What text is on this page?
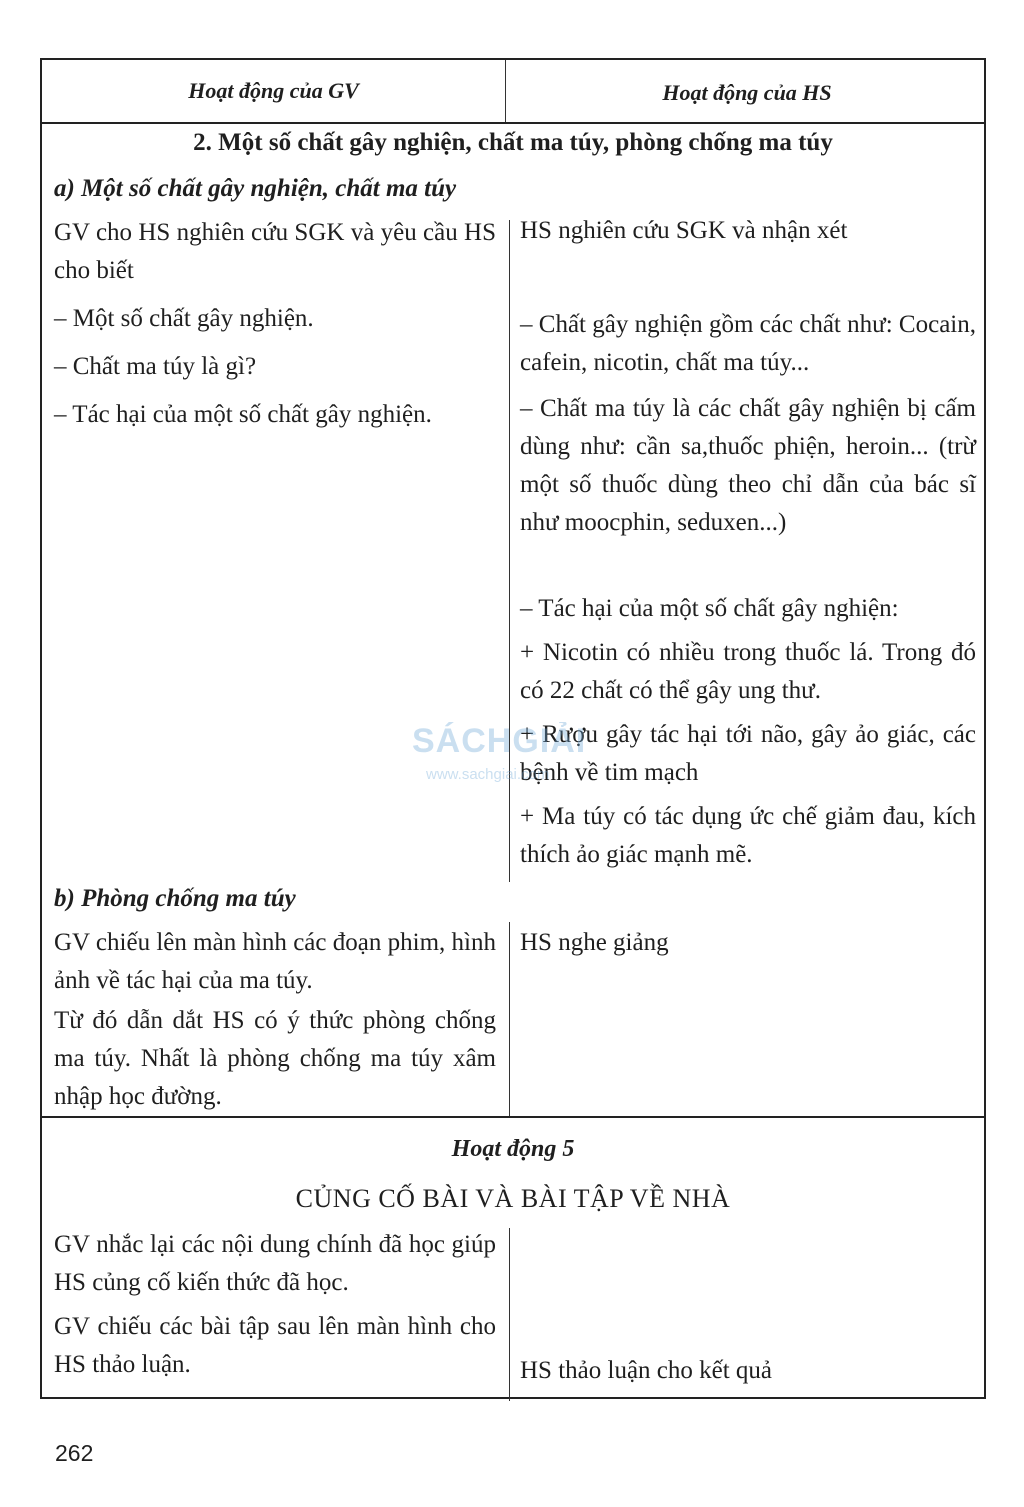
Hoạt động của GV	Hoạt động của HS
2. Một số chất gây nghiện, chất ma túy, phòng chống ma túy
a) Một số chất gây nghiện, chất ma túy
GV cho HS nghiên cứu SGK và yêu cầu HS cho biết
– Một số chất gây nghiện.
– Chất ma túy là gì?
– Tác hại của một số chất gây nghiện.
HS nghiên cứu SGK và nhận xét
– Chất gây nghiện gồm các chất như: Cocain, cafein, nicotin, chất ma túy...
– Chất ma túy là các chất gây nghiện bị cấm dùng như: cần sa,thuốc phiện, heroin... (trừ một số thuốc dùng theo chỉ dẫn của bác sĩ như moocphin, seduxen...)
– Tác hại của một số chất gây nghiện:
+ Nicotin có nhiều trong thuốc lá. Trong đó có 22 chất có thể gây ung thư.
+ Rượu gây tác hại tới não, gây ảo giác, các bệnh về tim mạch
+ Ma túy có tác dụng ức chế giảm đau, kích thích ảo giác mạnh mẽ.
b) Phòng chống ma túy
GV chiếu lên màn hình các đoạn phim, hình ảnh về tác hại của ma túy.
Từ đó dẫn dắt HS có ý thức phòng chống ma túy. Nhất là phòng chống ma túy xâm nhập học đường.
HS nghe giảng
Hoạt động 5
CỦNG CỐ BÀI VÀ BÀI TẬP VỀ NHÀ
GV nhắc lại các nội dung chính đã học giúp HS củng cố kiến thức đã học.
GV chiếu các bài tập sau lên màn hình cho HS thảo luận.	HS thảo luận cho kết quả
SÁCHGIẢI
www.sachgiai.com
262
